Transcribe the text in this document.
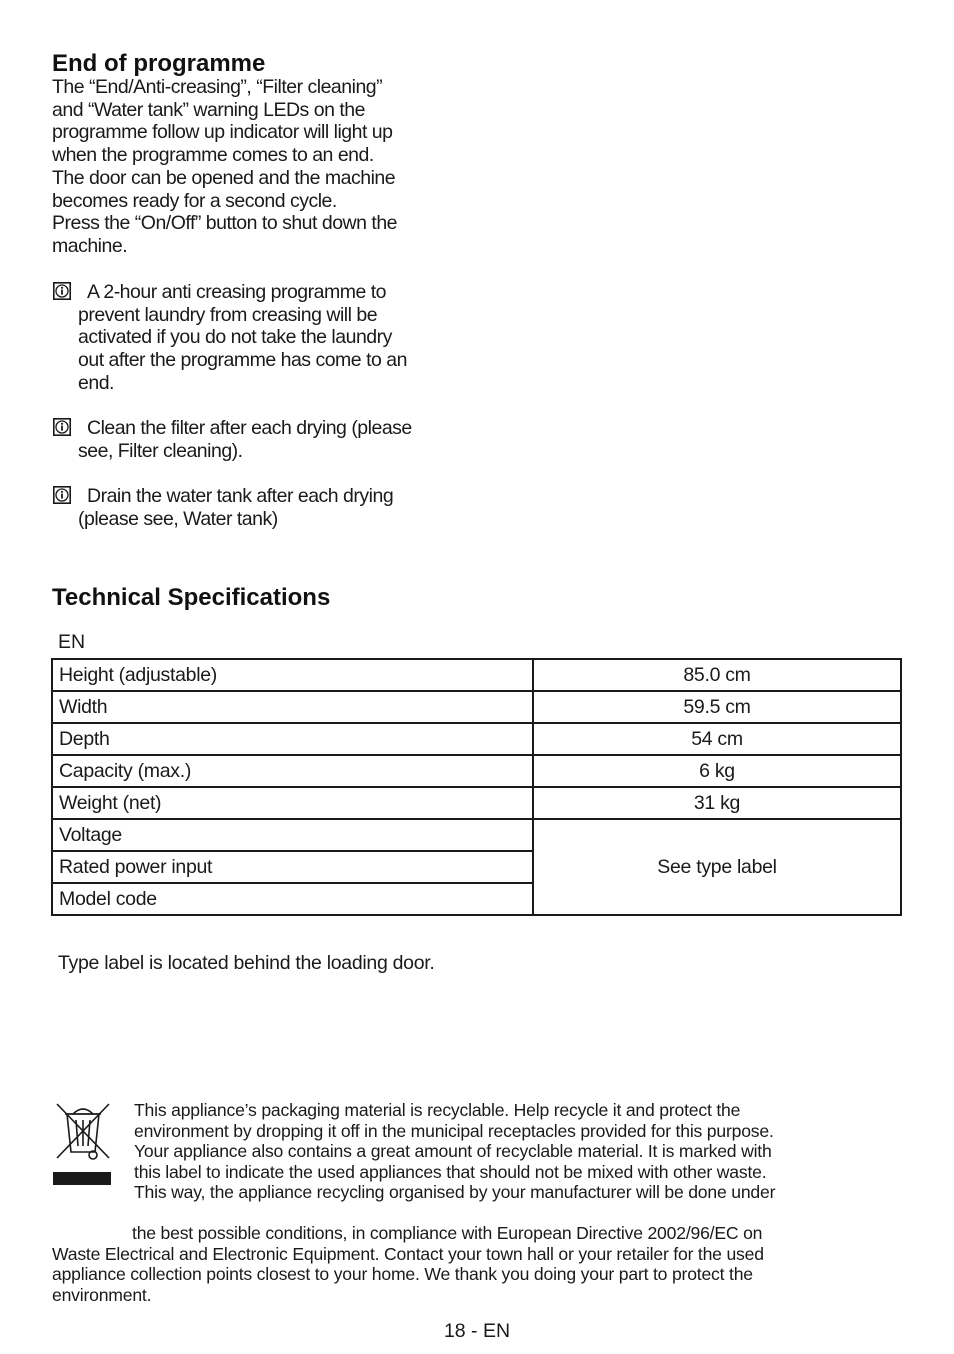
End of programme

The “End/Anti-creasing”, “Filter cleaning”

and “Water tank” warning LEDs on the

programme follow up indicator will light up

when the programme comes to an end.

The door can be opened and the machine

becomes ready for a second cycle.

Press the “On/Off” button to shut down the

machine.

A 2-hour anti creasing programme to
prevent laundry from creasing will be
activated if you do not take the laundry
out after the programme has come to an
end.
Clean the filter after each drying (please
see, Filter cleaning).
Drain the water tank after each drying
(please see, Water tank)
Technical Specifications
EN
Height (adjustable)	85.0 cm
Width	59.5 cm
Depth	54 cm
Capacity (max.)	6 kg
Weight (net)	31 kg
Voltage	See type label
Rated power input	
Model code	
Type label is located behind the loading door.
This appliance’s packaging material is recyclable. Help recycle it and protect the
environment by dropping it off in the municipal receptacles provided for this purpose.
Your appliance also contains a great amount of recyclable material. It is marked with
this label to indicate the used appliances that should not be mixed with other waste.
This way, the appliance recycling organised by your manufacturer will be done under
the best possible conditions, in compliance with European Directive 2002/96/EC on
Waste Electrical and Electronic Equipment. Contact your town hall or your retailer for the used
appliance collection points closest to your home. We thank you doing your part to protect the
environment.
18 - EN
